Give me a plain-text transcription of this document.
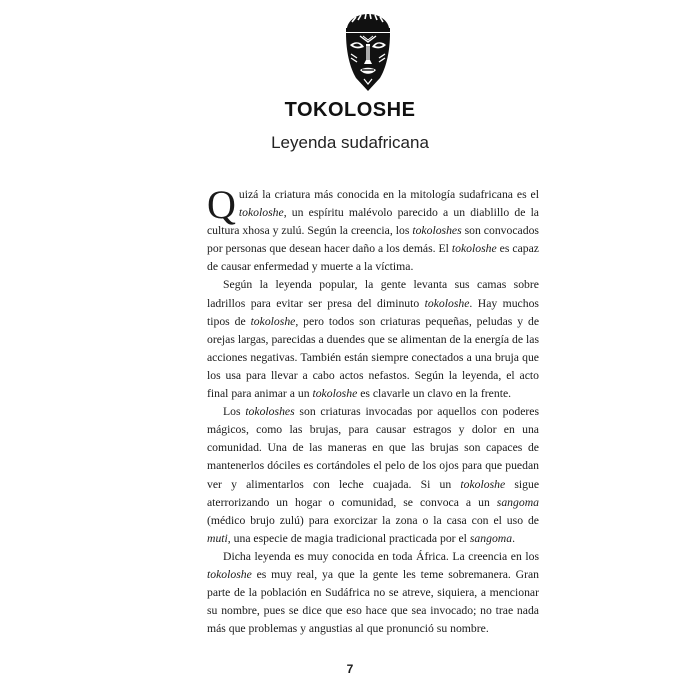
TOKOLOSHE
Leyenda sudafricana

Quizá la criatura más conocida en la mitología sudafricana es el tokoloshe, un espíritu malévolo parecido a un diablillo de la cultura xhosa y zulú. Según la creencia, los tokoloshes son convocados por personas que desean hacer daño a los demás. El tokoloshe es capaz de causar enfermedad y muerte a la víctima.

Según la leyenda popular, la gente levanta sus camas sobre ladrillos para evitar ser presa del diminuto tokoloshe. Hay muchos tipos de tokoloshe, pero todos son criaturas pequeñas, peludas y de orejas largas, parecidas a duendes que se alimentan de la energía de las acciones negativas. También están siempre conectados a una bruja que los usa para llevar a cabo actos nefastos. Según la leyenda, el acto final para animar a un tokoloshe es clavarle un clavo en la frente.

Los tokoloshes son criaturas invocadas por aquellos con poderes mágicos, como las brujas, para causar estragos y dolor en una comunidad. Una de las maneras en que las brujas son capaces de mantenerlos dóciles es cortándoles el pelo de los ojos para que puedan ver y alimentarlos con leche cuajada. Si un tokoloshe sigue aterrorizando un hogar o comunidad, se convoca a un sangoma (médico brujo zulú) para exorcizar la zona o la casa con el uso de muti, una especie de magia tradicional practicada por el sangoma.

Dicha leyenda es muy conocida en toda África. La creencia en los tokoloshe es muy real, ya que la gente les teme sobremanera. Gran parte de la población en Sudáfrica no se atreve, siquiera, a mencionar su nombre, pues se dice que eso hace que sea invocado; no trae nada más que problemas y angustias al que pronunció su nombre.

7
